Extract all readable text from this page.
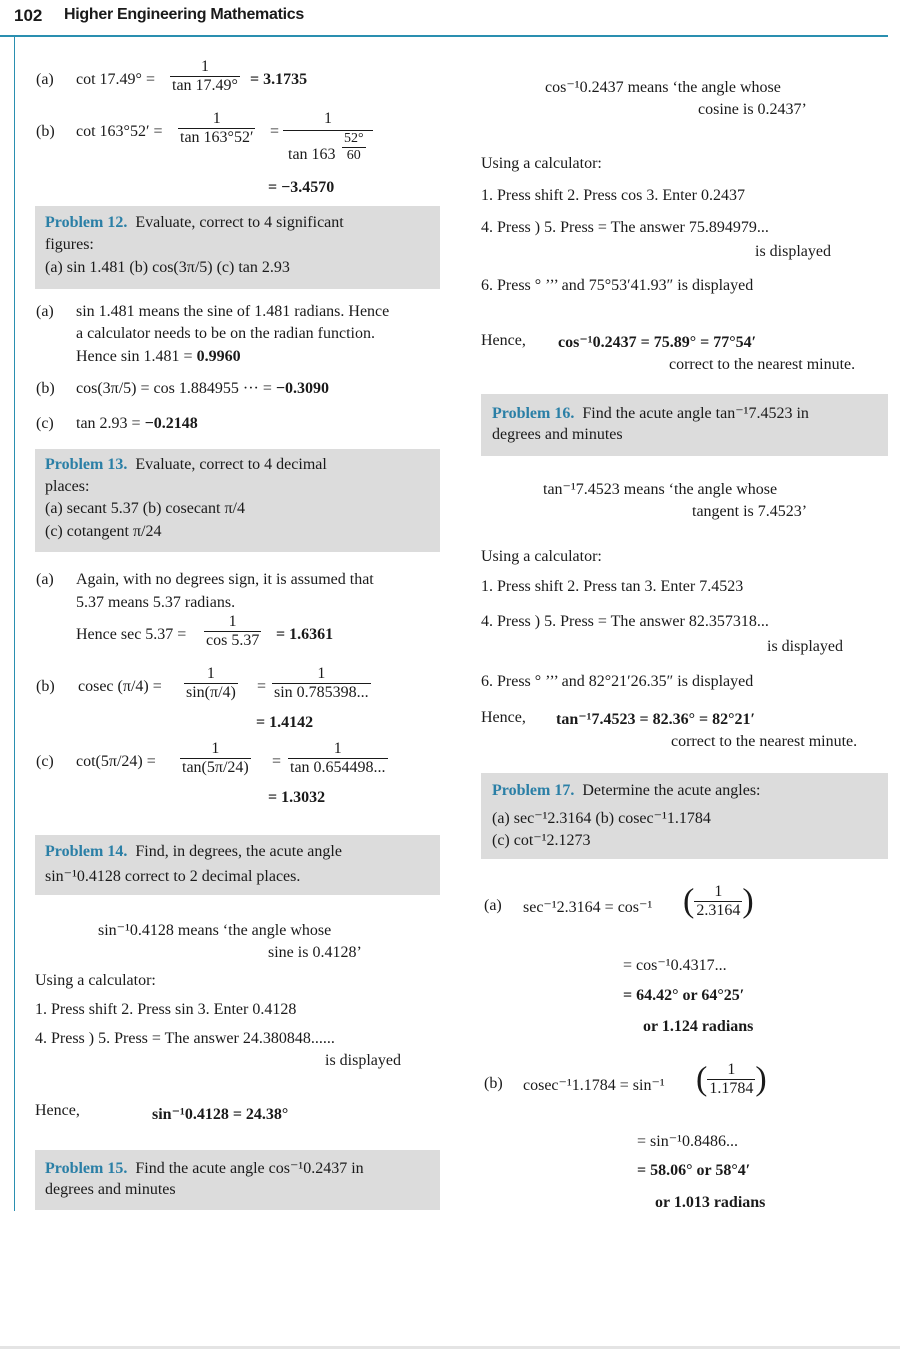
102 Higher Engineering Mathematics
(a) $\cot 17.49^\circ = \frac{1}{\tan 17.49^\circ} = 3.1735$
(b) $\cot 163^\circ 52' = \frac{1}{\tan 163^\circ 52'}$ =
1
$\tan 163 \frac{52^\circ}{60}$
= −3.4570
Problem 12. Evaluate, correct to 4 significant
figures:
(a) sin 1.481 (b) cos(3π/5) (c) tan 2.93
(a) sin 1.481 means the sine of 1.481 radians. Hence
a calculator needs to be on the radian function.
Hence sin 1.481 = 0.9960
(b) cos(3π/5) = cos 1.884955 ··· = −0.3090
(c) tan 2.93 = −0.2148
Problem 13. Evaluate, correct to 4 decimal
places:
(a) secant 5.37 (b) cosecant π/4
(c) cotangent π/24
(a) Again, with no degrees sign, it is assumed that
5.37 means 5.37 radians.
Hence $\sec 5.37 = \frac{1}{\cos 5.37} = 1.6361$
(b) cosec $(\pi/4) = \frac{1}{\sin(\pi/4)} = \frac{1}{\sin 0.785398...}$
= 1.4142
(c) $\cot(5\pi/24) = \frac{1}{\tan(5\pi/24)} = \frac{1}{\tan 0.654498...}$
= 1.3032
Problem 14. Find, in degrees, the acute angle
sin⁻¹0.4128 correct to 2 decimal places.
sin⁻¹0.4128 means ‘the angle whose
sine is 0.4128’
Using a calculator:
1. Press shift 2. Press sin 3. Enter 0.4128
4. Press ) 5. Press = The answer 24.380848......
is displayed
Hence,	sin⁻¹0.4128 = 24.38°
Problem 15. Find the acute angle cos⁻¹0.2437 in
degrees and minutes
cos⁻¹0.2437 means ‘the angle whose
cosine is 0.2437’
Using a calculator:
1. Press shift 2. Press cos 3. Enter 0.2437
4. Press ) 5. Press = The answer 75.894979...
is displayed
6. Press ° ’’’ and 75°53′41.93″ is displayed
Hence, cos⁻¹0.2437 = 75.89° = 77°54′
correct to the nearest minute.
Problem 16. Find the acute angle tan⁻¹7.4523 in
degrees and minutes
tan⁻¹7.4523 means ‘the angle whose
tangent is 7.4523’
Using a calculator:
1. Press shift 2. Press tan 3. Enter 7.4523
4. Press ) 5. Press = The answer 82.357318...
is displayed
6. Press ° ’’’ and 82°21′26.35″ is displayed
Hence, tan⁻¹7.4523 = 82.36° = 82°21′
correct to the nearest minute.
Problem 17. Determine the acute angles:
(a) sec⁻¹2.3164 (b) cosec⁻¹1.1784
(c) cot⁻¹2.1273
(a) sec⁻¹2.3164 = cos⁻¹ ( $\frac{1}{2.3164}$ )
= cos⁻¹0.4317...
= 64.42° or 64°25′
or 1.124 radians
(b) cosec⁻¹1.1784 = sin⁻¹ ( $\frac{1}{1.1784}$ )
= sin⁻¹0.8486...
= 58.06° or 58°4′
or 1.013 radians
